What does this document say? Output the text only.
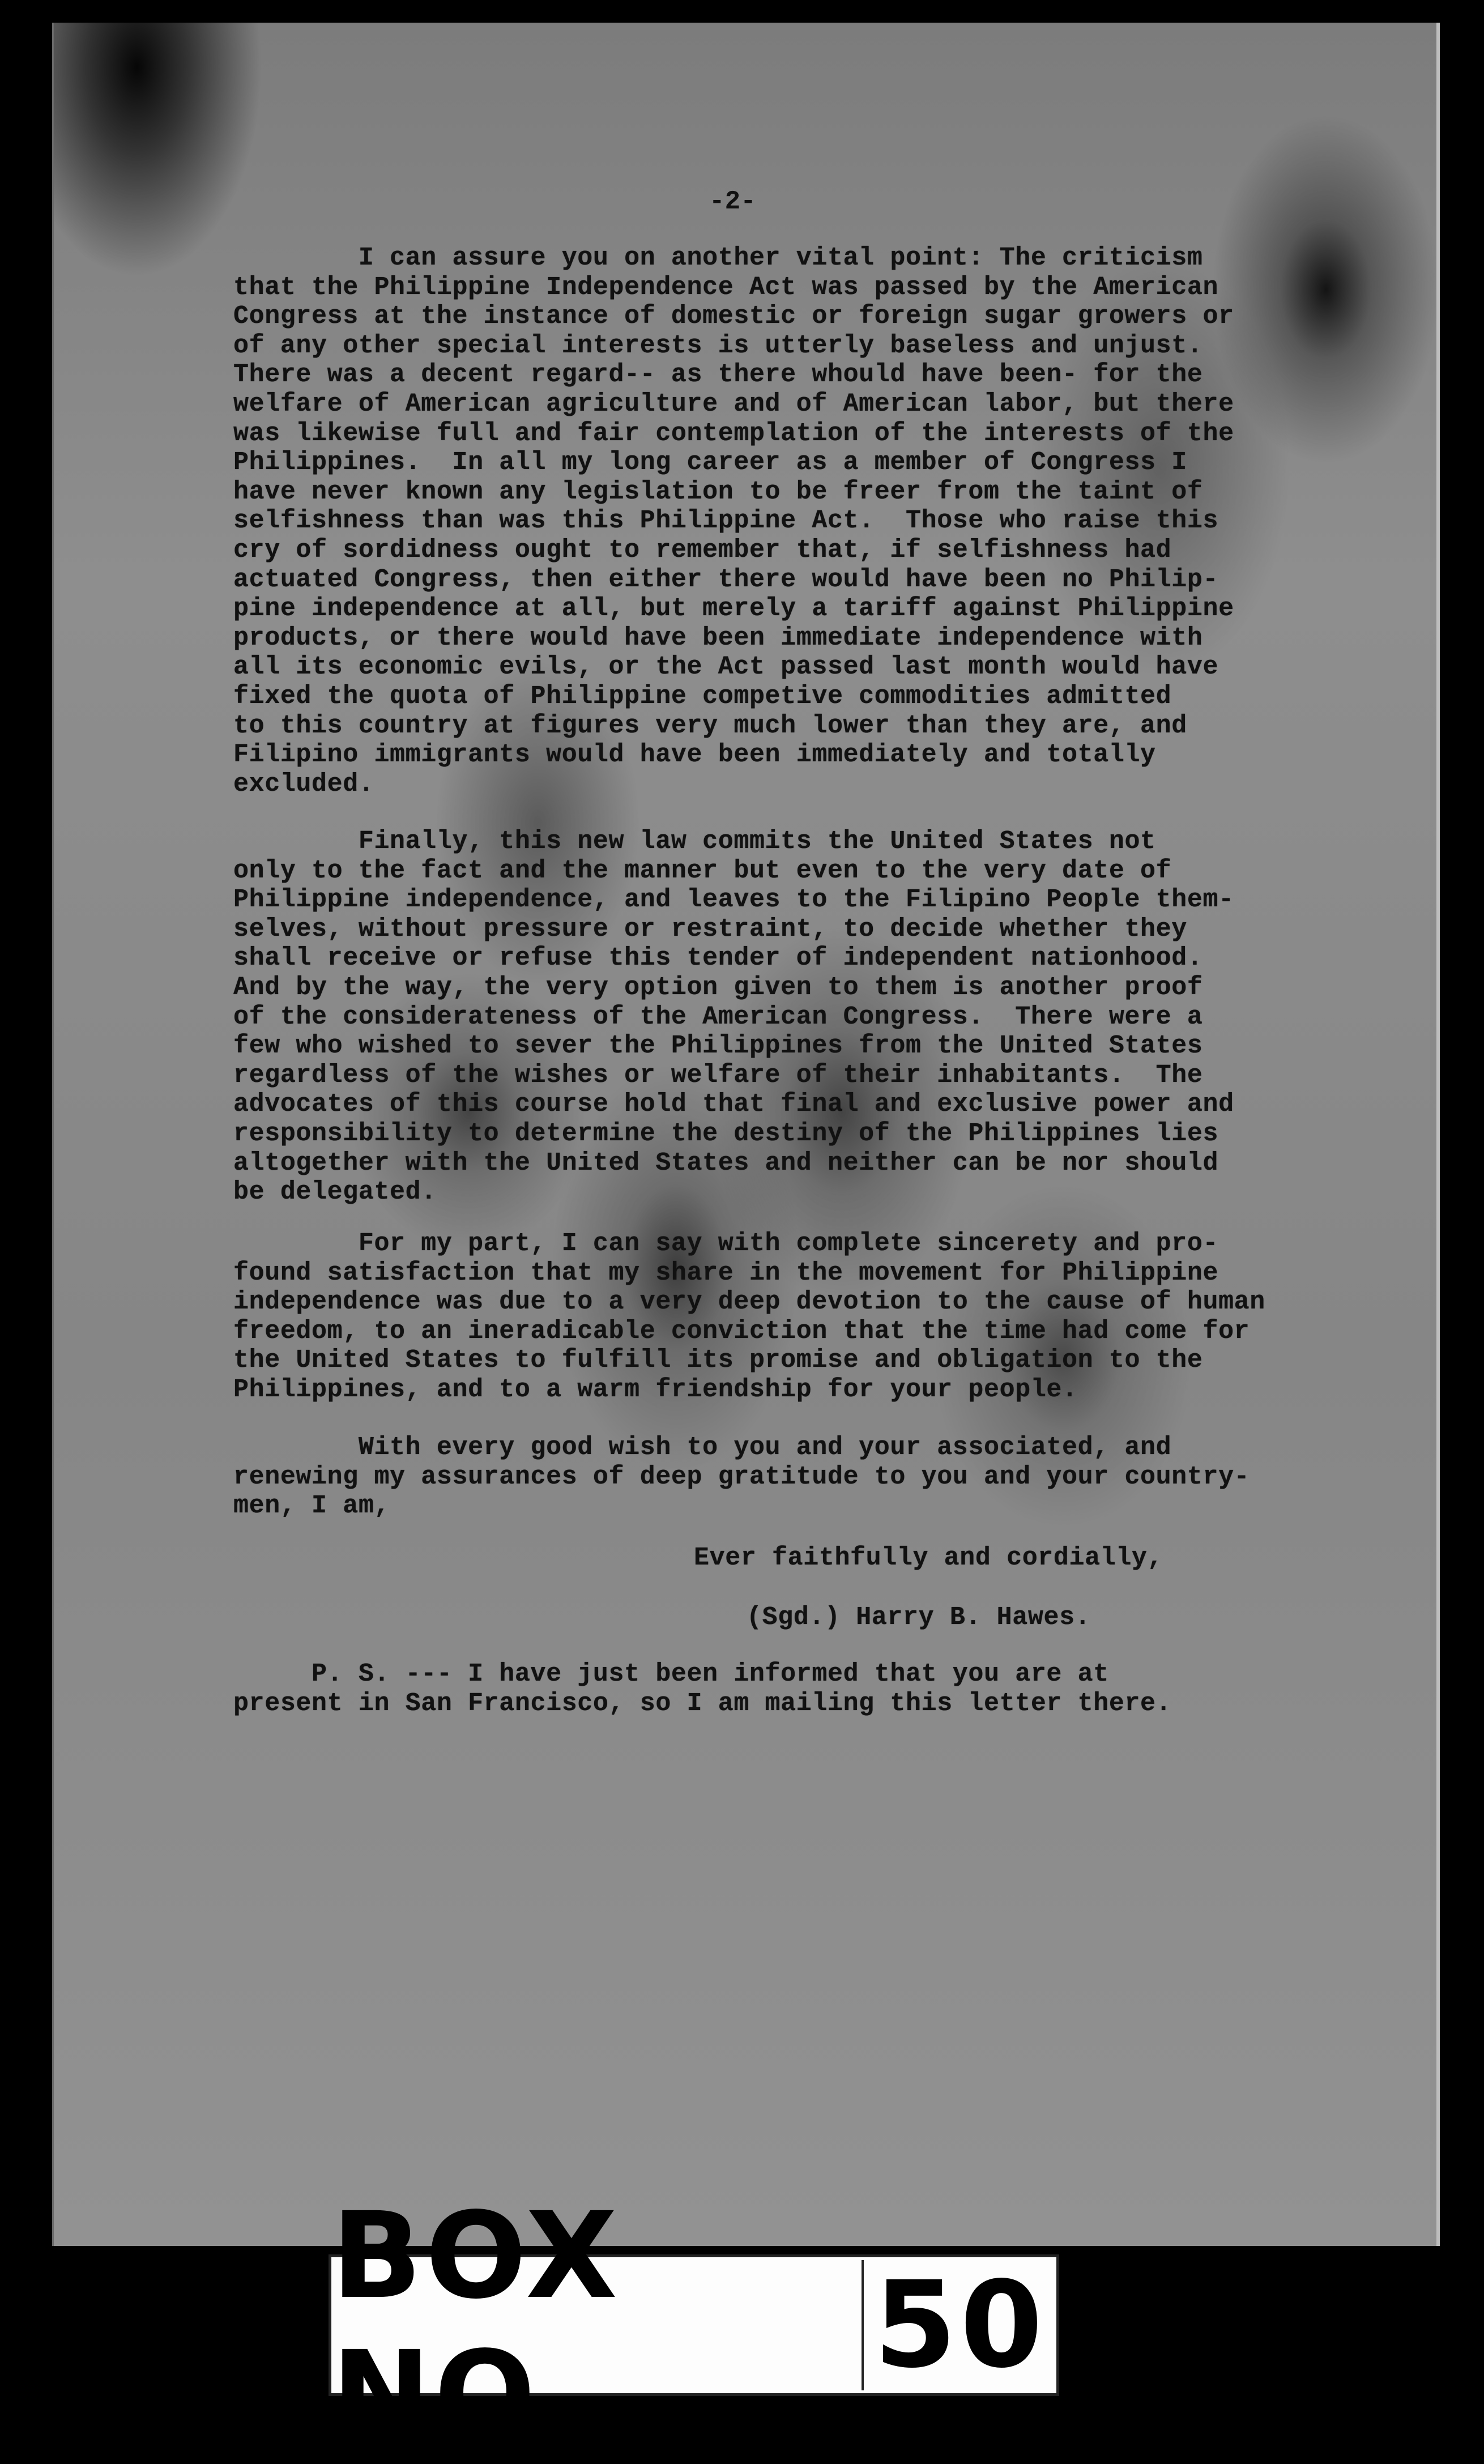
-2-
I can assure you on another vital point: The criticism
that the Philippine Independence Act was passed by the American
Congress at the instance of domestic or foreign sugar growers or
of any other special interests is utterly baseless and unjust.
There was a decent regard-- as there whould have been- for the
welfare of American agriculture and of American labor, but there
was likewise full and fair contemplation of the interests of the
Philippines.  In all my long career as a member of Congress I
have never known any legislation to be freer from the taint of
selfishness than was this Philippine Act.  Those who raise this
cry of sordidness ought to remember that, if selfishness had
actuated Congress, then either there would have been no Philip-
pine independence at all, but merely a tariff against Philippine
products, or there would have been immediate independence with
all its economic evils, or the Act passed last month would have
fixed the quota of Philippine competive commodities admitted
to this country at figures very much lower than they are, and
Filipino immigrants would have been immediately and totally
excluded.
Finally, this new law commits the United States not
only to the fact and the manner but even to the very date of
Philippine independence, and leaves to the Filipino People them-
selves, without pressure or restraint, to decide whether they
shall receive or refuse this tender of independent nationhood.
And by the way, the very option given to them is another proof
of the considerateness of the American Congress.  There were a
few who wished to sever the Philippines from the United States
regardless of the wishes or welfare of their inhabitants.  The
advocates of this course hold that final and exclusive power and
responsibility to determine the destiny of the Philippines lies
altogether with the United States and neither can be nor should
be delegated.
For my part, I can say with complete sincerety and pro-
found satisfaction that my share in the movement for Philippine
independence was due to a very deep devotion to the cause of human
freedom, to an ineradicable conviction that the time had come for
the United States to fulfill its promise and obligation to the
Philippines, and to a warm friendship for your people.
With every good wish to you and your associated, and
renewing my assurances of deep gratitude to you and your country-
men, I am,
Ever faithfully and cordially,
(Sgd.) Harry B. Hawes.
P. S. --- I have just been informed that you are at
present in San Francisco, so I am mailing this letter there.
BOX NO.
50
